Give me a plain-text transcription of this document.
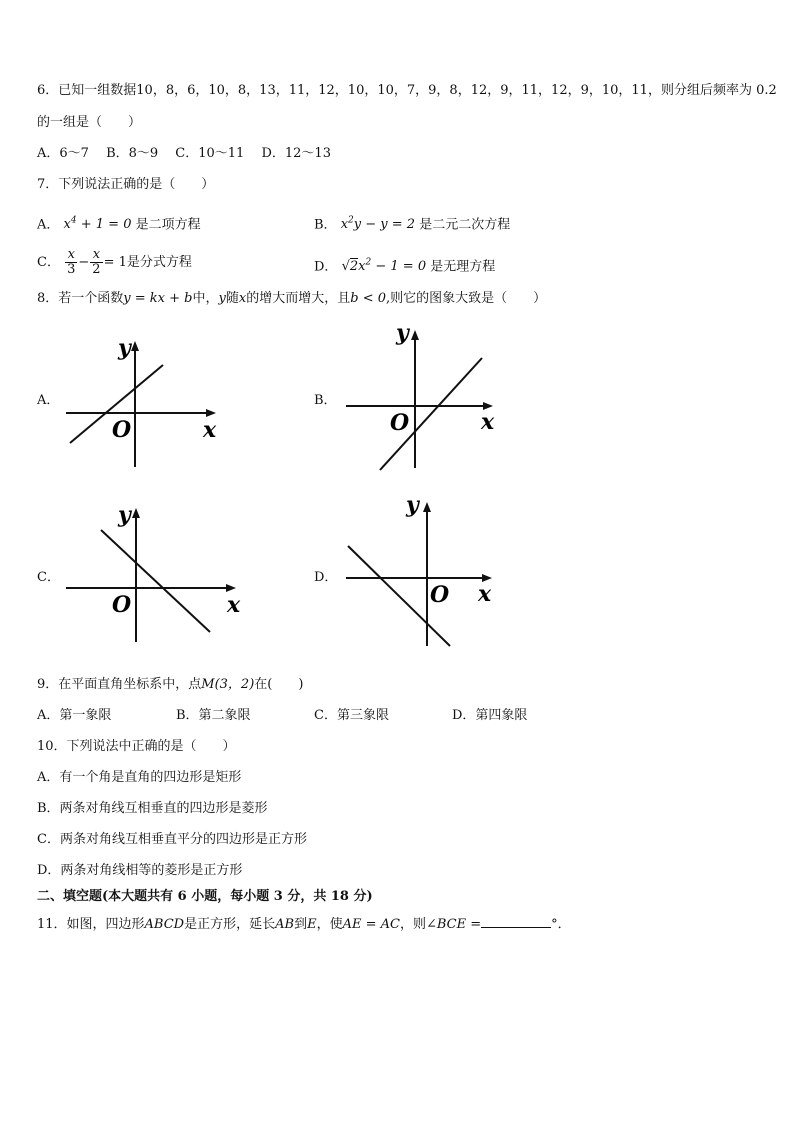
6．已知一组数据10，8，6，10，8，13，11，12，10，10，7，9，8，12，9，11，12，9，10，11，则分组后频率为 0.2
的一组是（　　）
A．6～7　 B．8～9　 C．10～11　 D．12～13
7．下列说法正确的是（　　）
A． $x^4 + 1 = 0$ 是二项方程	B． $x^2y - y = 2$ 是二元二次方程
C． $\frac{x}{3} - \frac{x}{2} = 1$是分式方程	D． $√2x^2 - 1 = 0$ 是无理方程
8．若一个函数y = kx + b中，y随x的增大而增大，且b < 0,则它的图象大致是（　　）
A．	B．
C．	D．
y
O	x
y
O	x
y
O	x
y
O x
9．在平面直角坐标系中，点M(3，2)在(　　)
A．第一象限	B．第二象限	C．第三象限	D．第四象限
10．下列说法中正确的是（　　）
A．有一个角是直角的四边形是矩形
B．两条对角线互相垂直的四边形是菱形
C．两条对角线互相垂直平分的四边形是正方形
D．两条对角线相等的菱形是正方形
二、填空题(本大题共有 6 小题，每小题 3 分，共 18 分)
11．如图，四边形ABCD是正方形，延长AB到E，使AE = AC，则∠BCE =	°．
